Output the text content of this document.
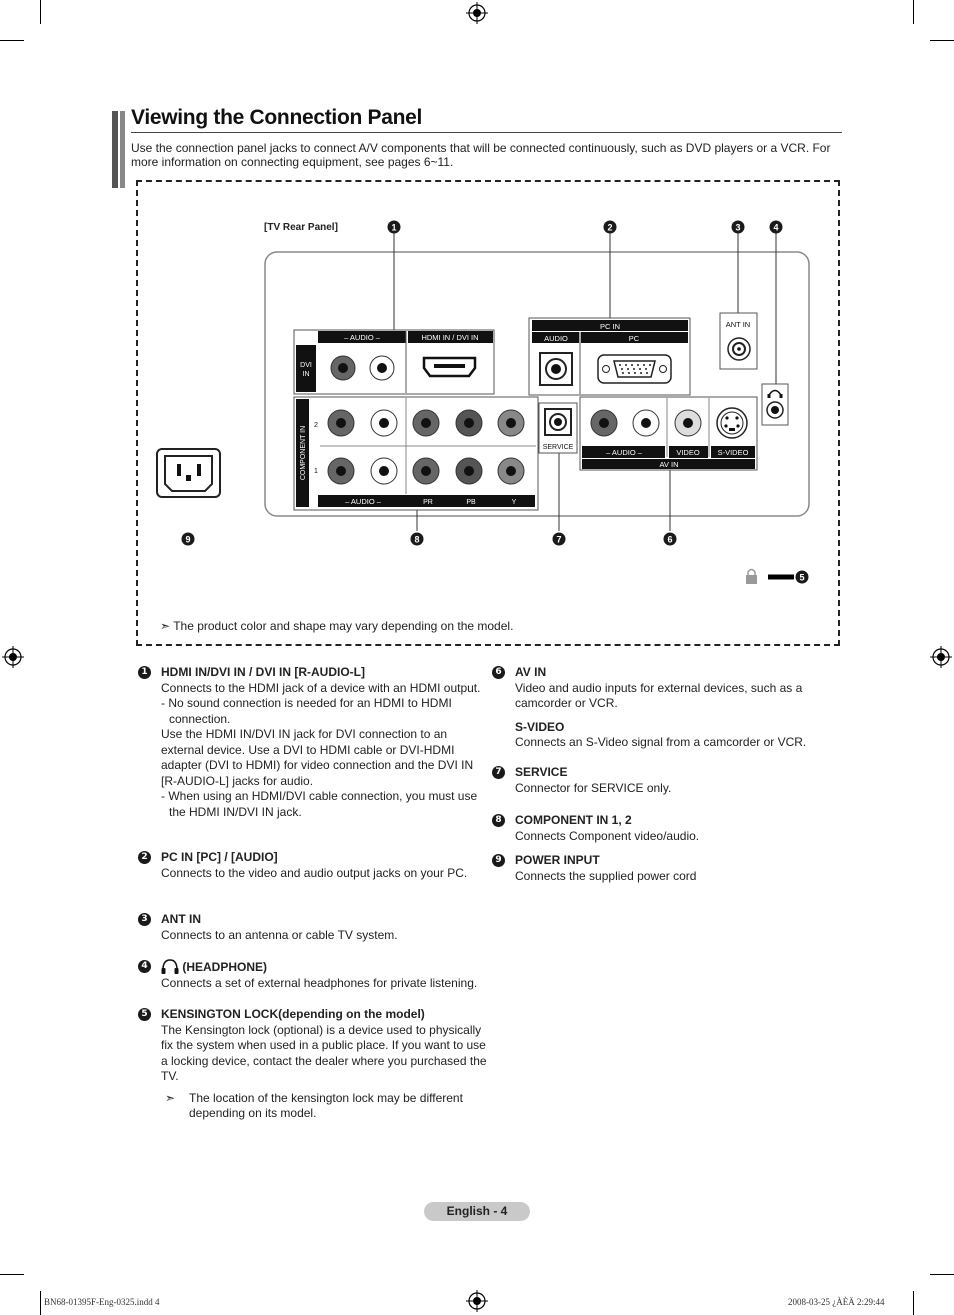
Viewing the Connection Panel
Use the connection panel jacks to connect A/V components that will be connected continuously, such as DVD players or a VCR. For more information on connecting equipment, see pages 6~11.
[TV Rear Panel]
– AUDIO –	HDMI IN / DVI IN
DVI
IN
PC IN
AUDIO	PC
ANT IN
COMPONENT IN
2
1
– AUDIO –	PR	PB	Y
SERVICE
– AUDIO –	VIDEO S-VIDEO
AV IN
1	2	3	4
5
6
7
8
9
➣ The product color and shape may vary depending on the model.
1 HDMI IN/DVI IN / DVI IN [R-AUDIO-L]

Connects to the HDMI jack of a device with an HDMI output.

- No sound connection is needed for an HDMI to HDMI connection.

Use the HDMI IN/DVI IN jack for DVI connection to an external device. Use a DVI to HDMI cable or DVI-HDMI adapter (DVI to HDMI) for video connection and the DVI IN [R-AUDIO-L] jacks for audio.

- When using an HDMI/DVI cable connection, you must use the HDMI IN/DVI IN jack.

2 PC IN [PC] / [AUDIO]

Connects to the video and audio output jacks on your PC.

3 ANT IN

Connects to an antenna or cable TV system.

4	(HEADPHONE)

Connects a set of external headphones for private listening.

5 KENSINGTON LOCK(depending on the model)

The Kensington lock (optional) is a device used to physically fix the system when used in a public place. If you want to use a locking device, contact the dealer where you purchased the TV.

➣	The location of the kensington lock may be different depending on its model.
6 AV IN

Video and audio inputs for external devices, such as a camcorder or VCR.

S-VIDEO

Connects an S-Video signal from a camcorder or VCR.

7 SERVICE

Connector for SERVICE only.

8 COMPONENT IN 1, 2

Connects Component video/audio.

9 POWER INPUT

Connects the supplied power cord

English - 4
BN68-01395F-Eng-0325.indd 4	2008-03-25 ¿ÀÈÄ 2:29:44
